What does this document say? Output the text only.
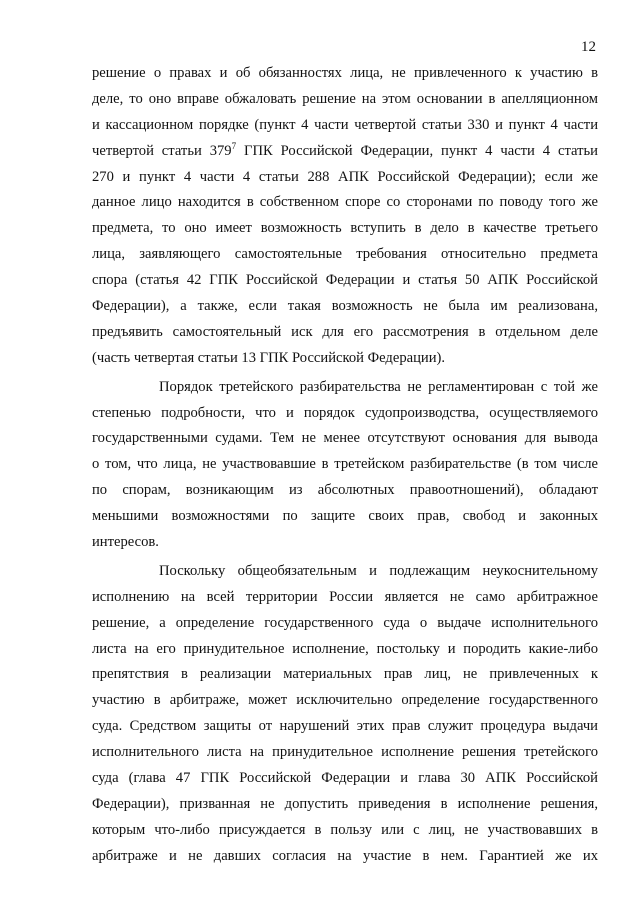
12
решение о правах и об обязанностях лица, не привлеченного к участию в
деле, то оно вправе обжаловать решение на этом основании в апелляционном
и кассационном порядке (пункт 4 части четвертой статьи 330 и пункт 4 части
четвертой статьи $379^7$ ГПК Российской Федерации, пункт 4 части 4 статьи
270 и пункт 4 части 4 статьи 288 АПК Российской Федерации); если же
данное лицо находится в собственном споре со сторонами по поводу того же
предмета, то оно имеет возможность вступить в дело в качестве третьего
лица, заявляющего самостоятельные требования относительно предмета
спора (статья 42 ГПК Российской Федерации и статья 50 АПК Российской
Федерации), а также, если такая возможность не была им реализована,
предъявить самостоятельный иск для его рассмотрения в отдельном деле
(часть четвертая статьи 13 ГПК Российской Федерации).
Порядок третейского разбирательства не регламентирован с той же
степенью подробности, что и порядок судопроизводства, осуществляемого
государственными судами. Тем не менее отсутствуют основания для вывода
о том, что лица, не участвовавшие в третейском разбирательстве (в том числе
по спорам, возникающим из абсолютных правоотношений), обладают
меньшими возможностями по защите своих прав, свобод и законных
интересов.
Поскольку общеобязательным и подлежащим неукоснительному
исполнению на всей территории России является не само арбитражное
решение, а определение государственного суда о выдаче исполнительного
листа на его принудительное исполнение, постольку и породить какие-либо
препятствия в реализации материальных прав лиц, не привлеченных к
участию в арбитраже, может исключительно определение государственного
суда. Средством защиты от нарушений этих прав служит процедура выдачи
исполнительного листа на принудительное исполнение решения третейского
суда (глава 47 ГПК Российской Федерации и глава 30 АПК Российской
Федерации), призванная не допустить приведения в исполнение решения,
которым что-либо присуждается в пользу или с лиц, не участвовавших в
арбитраже и не давших согласия на участие в нем. Гарантией же их
